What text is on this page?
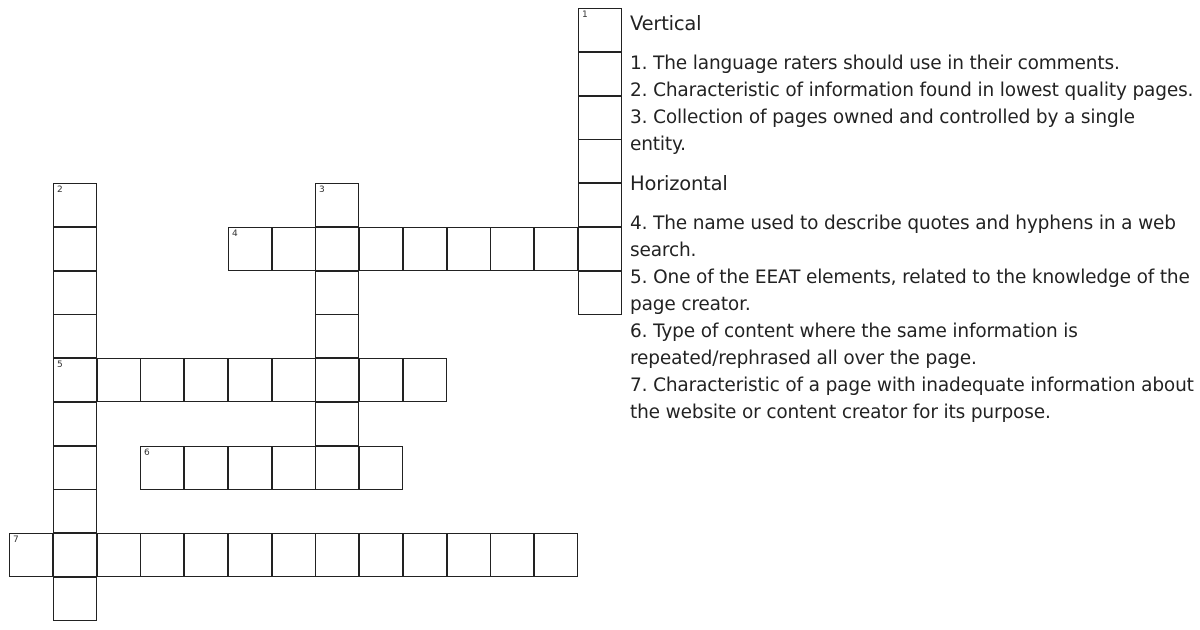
1
2	3
4
5
6
7
Vertical

1. The language raters should use in their comments.

2. Characteristic of information found in lowest quality pages.

3. Collection of pages owned and controlled by a single entity.

Horizontal

4. The name used to describe quotes and hyphens in a web search.

5. One of the EEAT elements, related to the knowledge of the page creator.

6. Type of content where the same information is repeated/rephrased all over the page.

7. Characteristic of a page with inadequate information about the website or content creator for its purpose.
